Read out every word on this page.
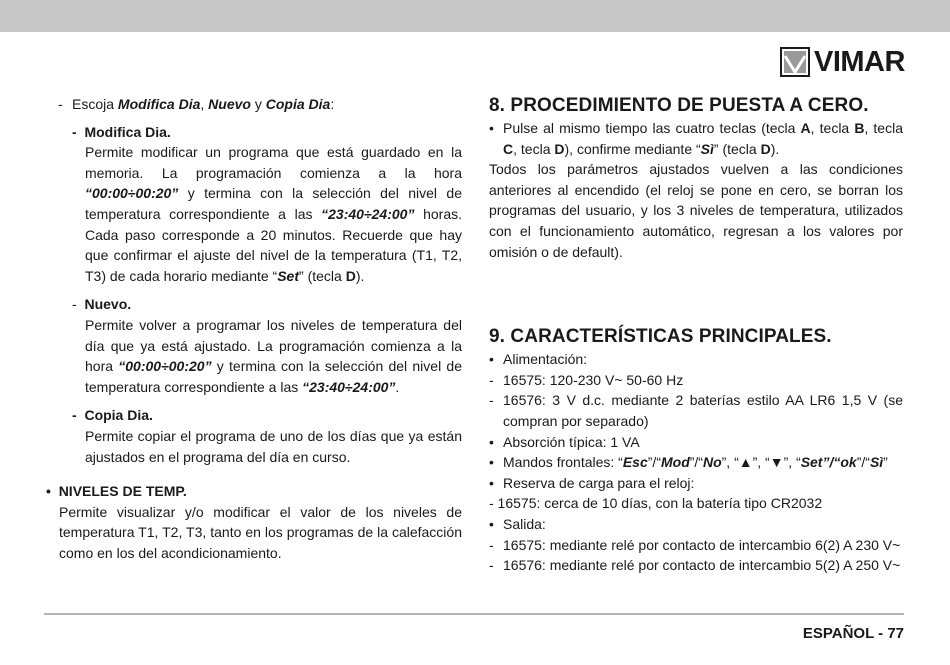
VIMAR
- Escoja Modifica Dia, Nuevo y Copia Dia:
- Modifica Dia.

Permite modificar un programa que está guardado en la memoria. La programación comienza a la hora “00:00÷00:20” y termina con la selección del nivel de temperatura correspondiente a las “23:40÷24:00” horas. Cada paso corresponde a 20 minutos. Recuerde que hay que confirmar el ajuste del nivel de la temperatura (T1, T2, T3) de cada horario mediante “Set” (tecla D).

- Nuevo.

Permite volver a programar los niveles de temperatura del día que ya está ajustado. La programación comienza a la hora “00:00÷00:20” y termina con la selección del nivel de temperatura correspondiente a las “23:40÷24:00”.

- Copia Dia.

Permite copiar el programa de uno de los días que ya están ajustados en el programa del día en curso.

• NIVELES DE TEMP.

Permite visualizar y/o modificar el valor de los niveles de temperatura T1, T2, T3, tanto en los programas de la calefacción como en los del acondicionamiento.

8. PROCEDIMIENTO DE PUESTA A CERO.
• Pulse al mismo tiempo las cuatro teclas (tecla A, tecla B, tecla C, tecla D), confirme mediante “Sì” (tecla D).

Todos los parámetros ajustados vuelven a las condiciones anteriores al encendido (el reloj se pone en cero, se borran los programas del usuario, y los 3 niveles de temperatura, utilizados con el funcionamiento automático, regresan a los valores por omisión o de default).

9. CARACTERÍSTICAS PRINCIPALES.
• Alimentación:
- 16575: 120-230 V~ 50-60 Hz
- 16576: 3 V d.c. mediante 2 baterías estilo AA LR6 1,5 V (se compran por separado)
• Absorción típica: 1 VA
• Mandos frontales: “Esc”/“Mod”/“No”, “▲”, “▼”, “Set”/“ok”/“Sì”
• Reserva de carga para el reloj:
- 16575: cerca de 10 días, con la batería tipo CR2032
• Salida:
- 16575: mediante relé por contacto de intercambio 6(2) A 230 V~
- 16576: mediante relé por contacto de intercambio 5(2) A 250 V~
ESPAÑOL - 77
